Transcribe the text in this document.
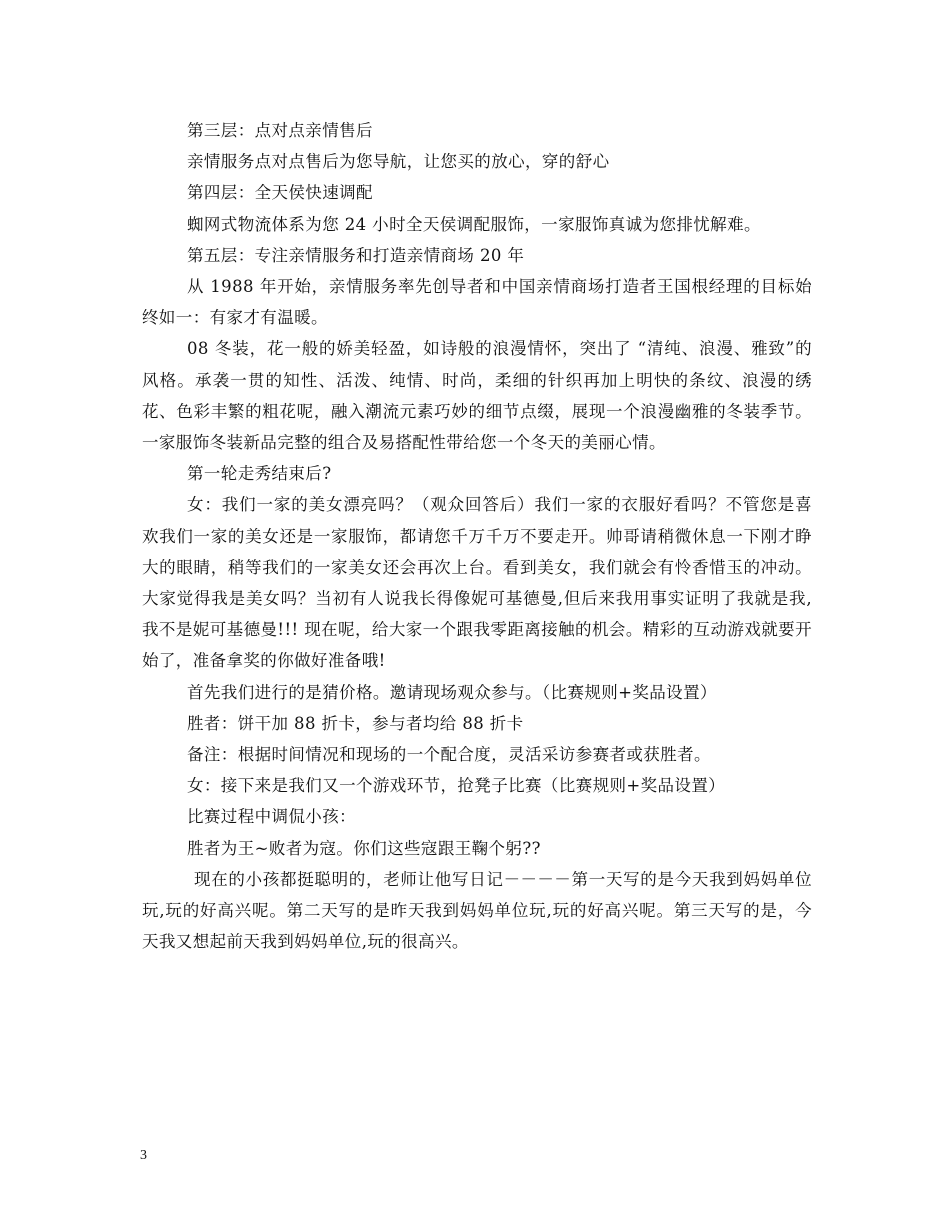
第三层：点对点亲情售后

亲情服务点对点售后为您导航，让您买的放心，穿的舒心

第四层：全天侯快速调配

蜘网式物流体系为您 24 小时全天侯调配服饰，一家服饰真诚为您排忧解难。

第五层：专注亲情服务和打造亲情商场 20 年

从 1988 年开始，亲情服务率先创导者和中国亲情商场打造者王国根经理的目标始终如一：有家才有温暖。

08 冬装，花一般的娇美轻盈，如诗般的浪漫情怀，突出了 “清纯、浪漫、雅致”的风格。承袭一贯的知性、活泼、纯情、时尚，柔细的针织再加上明快的条纹、浪漫的绣花、色彩丰繁的粗花呢，融入潮流元素巧妙的细节点缀，展现一个浪漫幽雅的冬装季节。一家服饰冬装新品完整的组合及易搭配性带给您一个冬天的美丽心情。

第一轮走秀结束后?

女：我们一家的美女漂亮吗？（观众回答后）我们一家的衣服好看吗？不管您是喜欢我们一家的美女还是一家服饰，都请您千万千万不要走开。帅哥请稍微休息一下刚才睁大的眼睛，稍等我们的一家美女还会再次上台。看到美女，我们就会有怜香惜玉的冲动。大家觉得我是美女吗？当初有人说我长得像妮可基德曼,但后来我用事实证明了我就是我,我不是妮可基德曼!!! 现在呢，给大家一个跟我零距离接触的机会。精彩的互动游戏就要开始了，准备拿奖的你做好准备哦!

首先我们进行的是猜价格。邀请现场观众参与。（比赛规则+奖品设置）

胜者：饼干加 88 折卡，参与者均给 88 折卡

备注：根据时间情况和现场的一个配合度，灵活采访参赛者或获胜者。

女：接下来是我们又一个游戏环节，抢凳子比赛（比赛规则+奖品设置）

比赛过程中调侃小孩：

胜者为王~败者为寇。你们这些寇跟王鞠个躬??

现在的小孩都挺聪明的，老师让他写日记－－－－第一天写的是今天我到妈妈单位玩,玩的好高兴呢。第二天写的是昨天我到妈妈单位玩,玩的好高兴呢。第三天写的是，今天我又想起前天我到妈妈单位,玩的很高兴。

3
